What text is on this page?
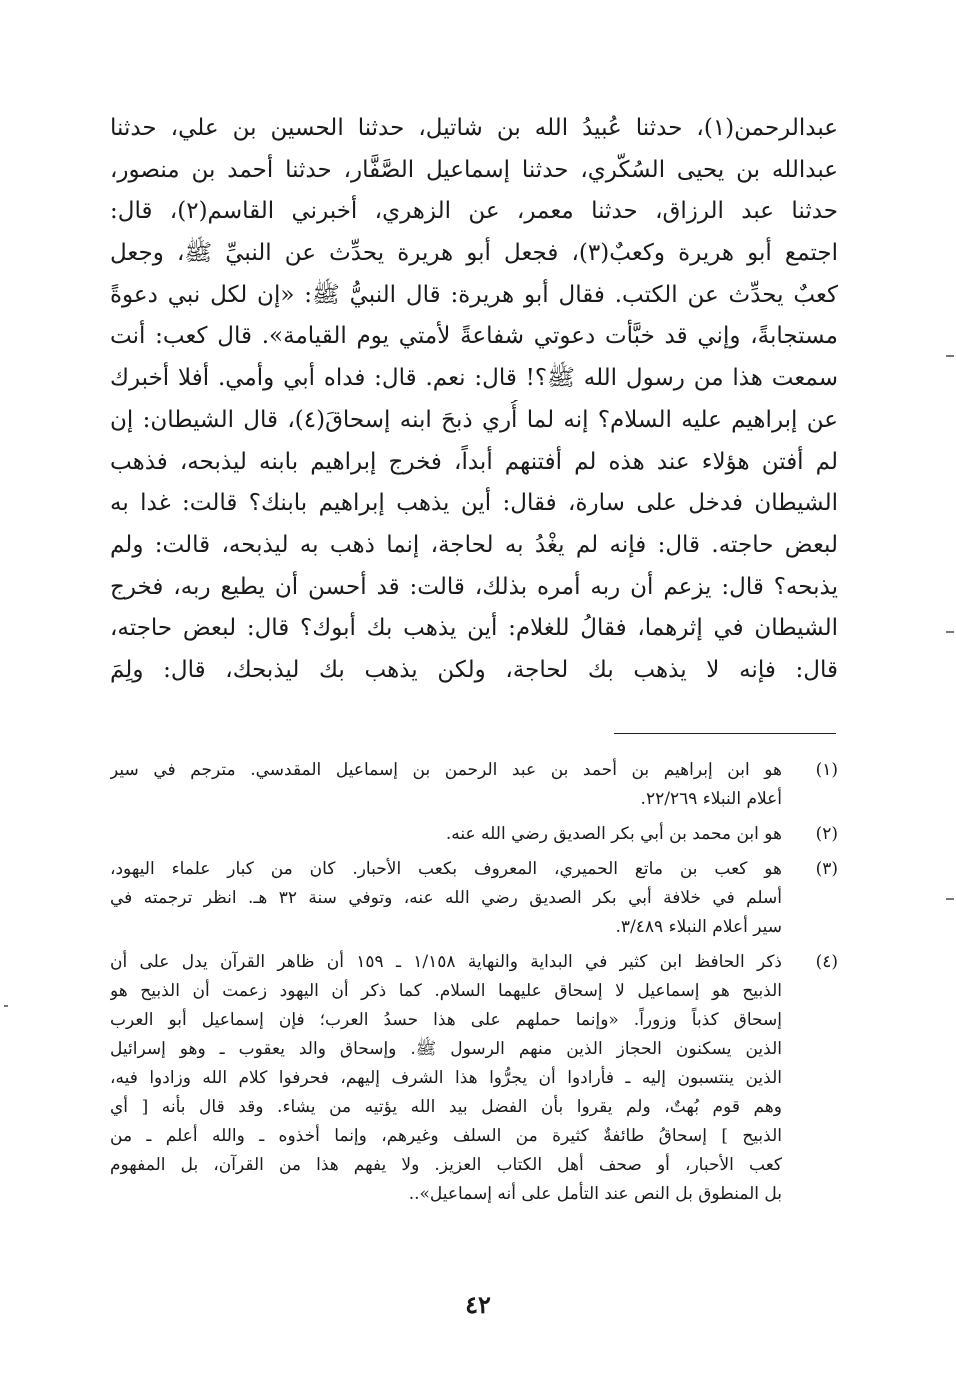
عبدالرحمن(١)، حدثنا عُبيدُ الله بن شاتيل، حدثنا الحسين بن علي، حدثنا
عبدالله بن يحيى السُكّري، حدثنا إسماعيل الصَّفَّار، حدثنا أحمد بن منصور،
حدثنا عبد الرزاق، حدثنا معمر، عن الزهري، أخبرني القاسم(٢)، قال:
اجتمع أبو هريرة وكعبٌ(٣)، فجعل أبو هريرة يحدِّث عن النبيِّ ﷺ، وجعل
كعبٌ يحدِّث عن الكتب. فقال أبو هريرة: قال النبيُّ ﷺ: «إن لكل نبي دعوةً
مستجابةً، وإني قد خبَّأت دعوتي شفاعةً لأمتي يوم القيامة». قال كعب: أنت
سمعت هذا من رسول الله ﷺ؟! قال: نعم. قال: فداه أبي وأمي. أفلا أخبرك
عن إبراهيم عليه السلام؟ إنه لما أُري ذبحَ ابنه إسحاقَ(٤)، قال الشيطان: إن
لم أفتن هؤلاء عند هذه لم أفتنهم أبداً، فخرج إبراهيم بابنه ليذبحه، فذهب
الشيطان فدخل على سارة، فقال: أين يذهب إبراهيم بابنك؟ قالت: غدا به
لبعض حاجته. قال: فإنه لم يغْدُ به لحاجة، إنما ذهب به ليذبحه، قالت: ولم
يذبحه؟ قال: يزعم أن ربه أمره بذلك، قالت: قد أحسن أن يطيع ربه، فخرج
الشيطان في إثرهما، فقالُ للغلام: أين يذهب بك أبوك؟ قال: لبعض حاجته،
قال: فإنه لا يذهب بك لحاجة، ولكن يذهب بك ليذبحك، قال: ولِمَ
(١)
هو ابن إبراهيم بن أحمد بن عبد الرحمن بن إسماعيل المقدسي. مترجم في سير
أعلام النبلاء ٢٢/٢٦٩.
(٢)
هو ابن محمد بن أبي بكر الصديق رضي الله عنه.
(٣)
هو كعب بن ماتع الحميري، المعروف بكعب الأحبار. كان من كبار علماء اليهود،
أسلم في خلافة أبي بكر الصديق رضي الله عنه، وتوفي سنة ٣٢ هـ. انظر ترجمته في
سير أعلام النبلاء ٣/٤٨٩.
(٤)
ذكر الحافظ ابن كثير في البداية والنهاية ١/١٥٨ ـ ١٥٩ أن ظاهر القرآن يدل على أن
الذبيح هو إسماعيل لا إسحاق عليهما السلام. كما ذكر أن اليهود زعمت أن الذبيح هو
إسحاق كذباً وزوراً. «وإنما حملهم على هذا حسدُ العرب؛ فإن إسماعيل أبو العرب
الذين يسكنون الحجاز الذين منهم الرسول ﷺ. وإسحاق والد يعقوب ـ وهو إسرائيل
الذين ينتسبون إليه ـ فأرادوا أن يجرُّوا هذا الشرف إليهم، فحرفوا كلام الله وزادوا فيه،
وهم قوم بُهتٌ، ولم يقروا بأن الفضل بيد الله يؤتيه من يشاء. وقد قال بأنه [ أي
الذبيح ] إسحاقُ طائفةٌ كثيرة من السلف وغيرهم، وإنما أخذوه ـ والله أعلم ـ من
كعب الأحبار، أو صحف أهل الكتاب العزيز. ولا يفهم هذا من القرآن، بل المفهوم
بل المنطوق بل النص عند التأمل على أنه إسماعيل»..
٤٢
